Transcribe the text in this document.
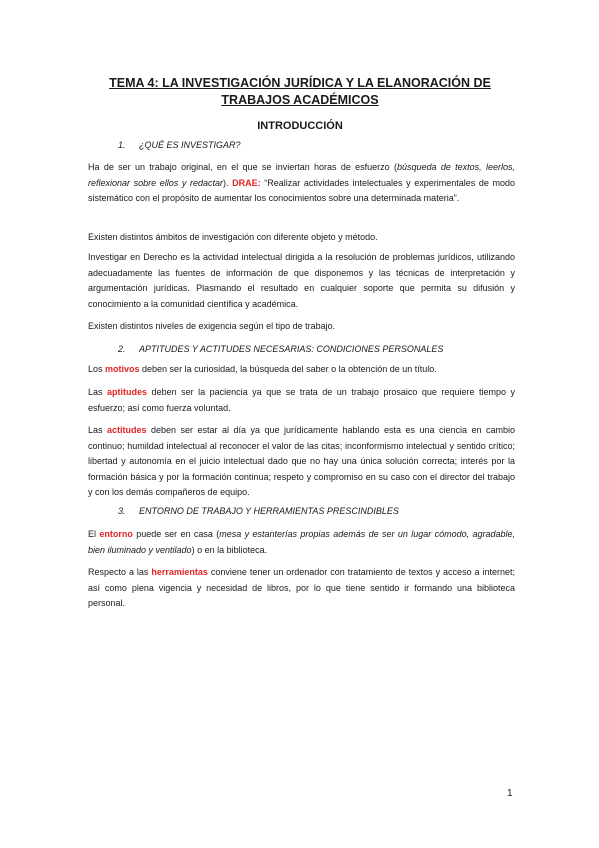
TEMA 4: LA INVESTIGACIÓN JURÍDICA Y LA ELANORACIÓN DE TRABAJOS ACADÉMICOS
INTRODUCCIÓN
1. ¿QUÉ ES INVESTIGAR?

Ha de ser un trabajo original, en el que se inviertan horas de esfuerzo (búsqueda de textos, leerlos, reflexionar sobre ellos y redactar). DRAE: “Realizar actividades intelectuales y experimentales de modo sistemático con el propósito de aumentar los conocimientos sobre una determinada materia”.

Existen distintos ámbitos de investigación con diferente objeto y método.

Investigar en Derecho es la actividad intelectual dirigida a la resolución de problemas jurídicos, utilizando adecuadamente las fuentes de información de que disponemos y las técnicas de interpretación y argumentación jurídicas. Plasmando el resultado en cualquier soporte que permita su difusión y conocimiento a la comunidad científica y académica.

Existen distintos niveles de exigencia según el tipo de trabajo.

2. APTITUDES Y ACTITUDES NECESARIAS: CONDICIONES PERSONALES

Los motivos deben ser la curiosidad, la búsqueda del saber o la obtención de un título.

Las aptitudes deben ser la paciencia ya que se trata de un trabajo prosaico que requiere tiempo y esfuerzo; así como fuerza voluntad.

Las actitudes deben ser estar al día ya que jurídicamente hablando esta es una ciencia en cambio continuo; humildad intelectual al reconocer el valor de las citas; inconformismo intelectual y sentido crítico; libertad y autonomía en el juicio intelectual dado que no hay una única solución correcta; interés por la formación básica y por la formación continua; respeto y compromiso en su caso con el director del trabajo y con los demás compañeros de equipo.

3. ENTORNO DE TRABAJO Y HERRAMIENTAS PRESCINDIBLES

El entorno puede ser en casa (mesa y estanterías propias además de ser un lugar cómodo, agradable, bien iluminado y ventilado) o en la biblioteca.

Respecto a las herramientas conviene tener un ordenador con tratamiento de textos y acceso a internet; así como plena vigencia y necesidad de libros, por lo que tiene sentido ir formando una biblioteca personal.

1
